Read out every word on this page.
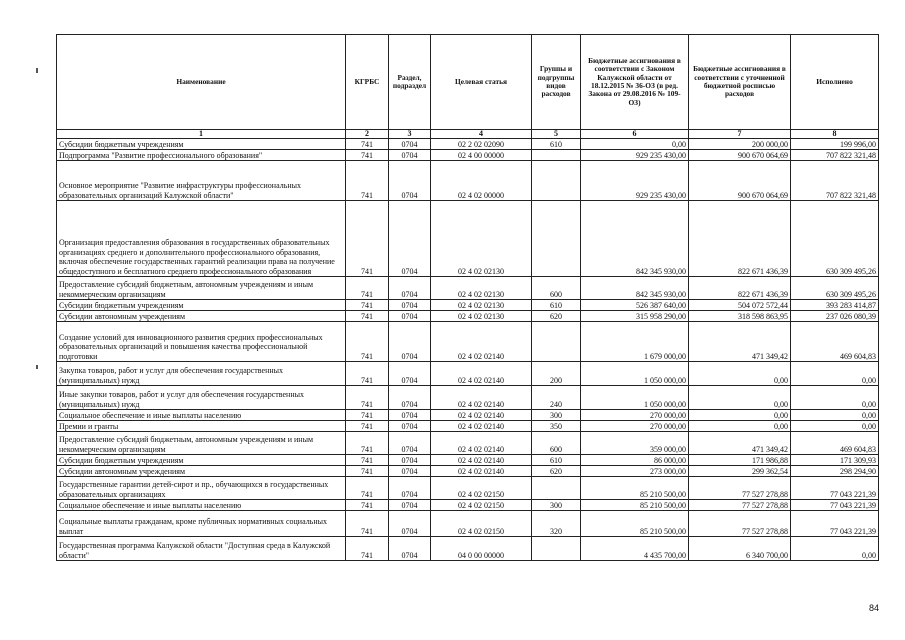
Наименование	КГРБС	Раздел, подраздел	Целевая статья	Группы и подгруппы видов расходов	Бюджетные ассигнования в соответствии с Законом Калужской области от 18.12.2015 № 36-ОЗ (в ред. Закона от 29.08.2016 № 109-ОЗ)	Бюджетные ассигнования в соответствии с уточненной бюджетной росписью расходов	Исполнено
1	2	3	4	5	6	7	8
Субсидии бюджетным учреждениям	741	0704	02 2 02 02090	610	0,00	200 000,00	199 996,00
Подпрограмма "Развитие профессионального образования"	741	0704	02 4 00 00000		929 235 430,00	900 670 064,69	707 822 321,48
Основное мероприятие "Развитие инфраструктуры профессиональных образовательных организаций Калужской области"	741	0704	02 4 02 00000		929 235 430,00	900 670 064,69	707 822 321,48
Организация предоставления образования в государственных образовательных организациях среднего и дополнительного профессионального образования, включая обеспечение государственных гарантий реализации права на получение общедоступного и бесплатного среднего профессионального образования	741	0704	02 4 02 02130		842 345 930,00	822 671 436,39	630 309 495,26
Предоставление субсидий бюджетным, автономным учреждениям и иным некоммерческим организациям	741	0704	02 4 02 02130	600	842 345 930,00	822 671 436,39	630 309 495,26
Субсидии бюджетным учреждениям	741	0704	02 4 02 02130	610	526 387 640,00	504 072 572,44	393 283 414,87
Субсидии автономным учреждениям	741	0704	02 4 02 02130	620	315 958 290,00	318 598 863,95	237 026 080,39
Создание условий для инновационного развития средних профессиональных образовательных организаций и повышения качества профессиональной подготовки	741	0704	02 4 02 02140		1 679 000,00	471 349,42	469 604,83
Закупка товаров, работ и услуг для обеспечения государственных (муниципальных) нужд	741	0704	02 4 02 02140	200	1 050 000,00	0,00	0,00
Иные закупки товаров, работ и услуг для обеспечения государственных (муниципальных) нужд	741	0704	02 4 02 02140	240	1 050 000,00	0,00	0,00
Социальное обеспечение и иные выплаты населению	741	0704	02 4 02 02140	300	270 000,00	0,00	0,00
Премии и гранты	741	0704	02 4 02 02140	350	270 000,00	0,00	0,00
Предоставление субсидий бюджетным, автономным учреждениям и иным некоммерческим организациям	741	0704	02 4 02 02140	600	359 000,00	471 349,42	469 604,83
Субсидии бюджетным учреждениям	741	0704	02 4 02 02140	610	86 000,00	171 986,88	171 309,93
Субсидии автономным учреждениям	741	0704	02 4 02 02140	620	273 000,00	299 362,54	298 294,90
Государственные гарантии детей-сирот и пр., обучающихся в государственных образовательных организациях	741	0704	02 4 02 02150		85 210 500,00	77 527 278,88	77 043 221,39
Социальное обеспечение и иные выплаты населению	741	0704	02 4 02 02150	300	85 210 500,00	77 527 278,88	77 043 221,39
Социальные выплаты гражданам, кроме публичных нормативных социальных выплат	741	0704	02 4 02 02150	320	85 210 500,00	77 527 278,88	77 043 221,39
Государственная программа Калужской области "Доступная среда в Калужской области"	741	0704	04 0 00 00000		4 435 700,00	6 340 700,00	0,00
84
